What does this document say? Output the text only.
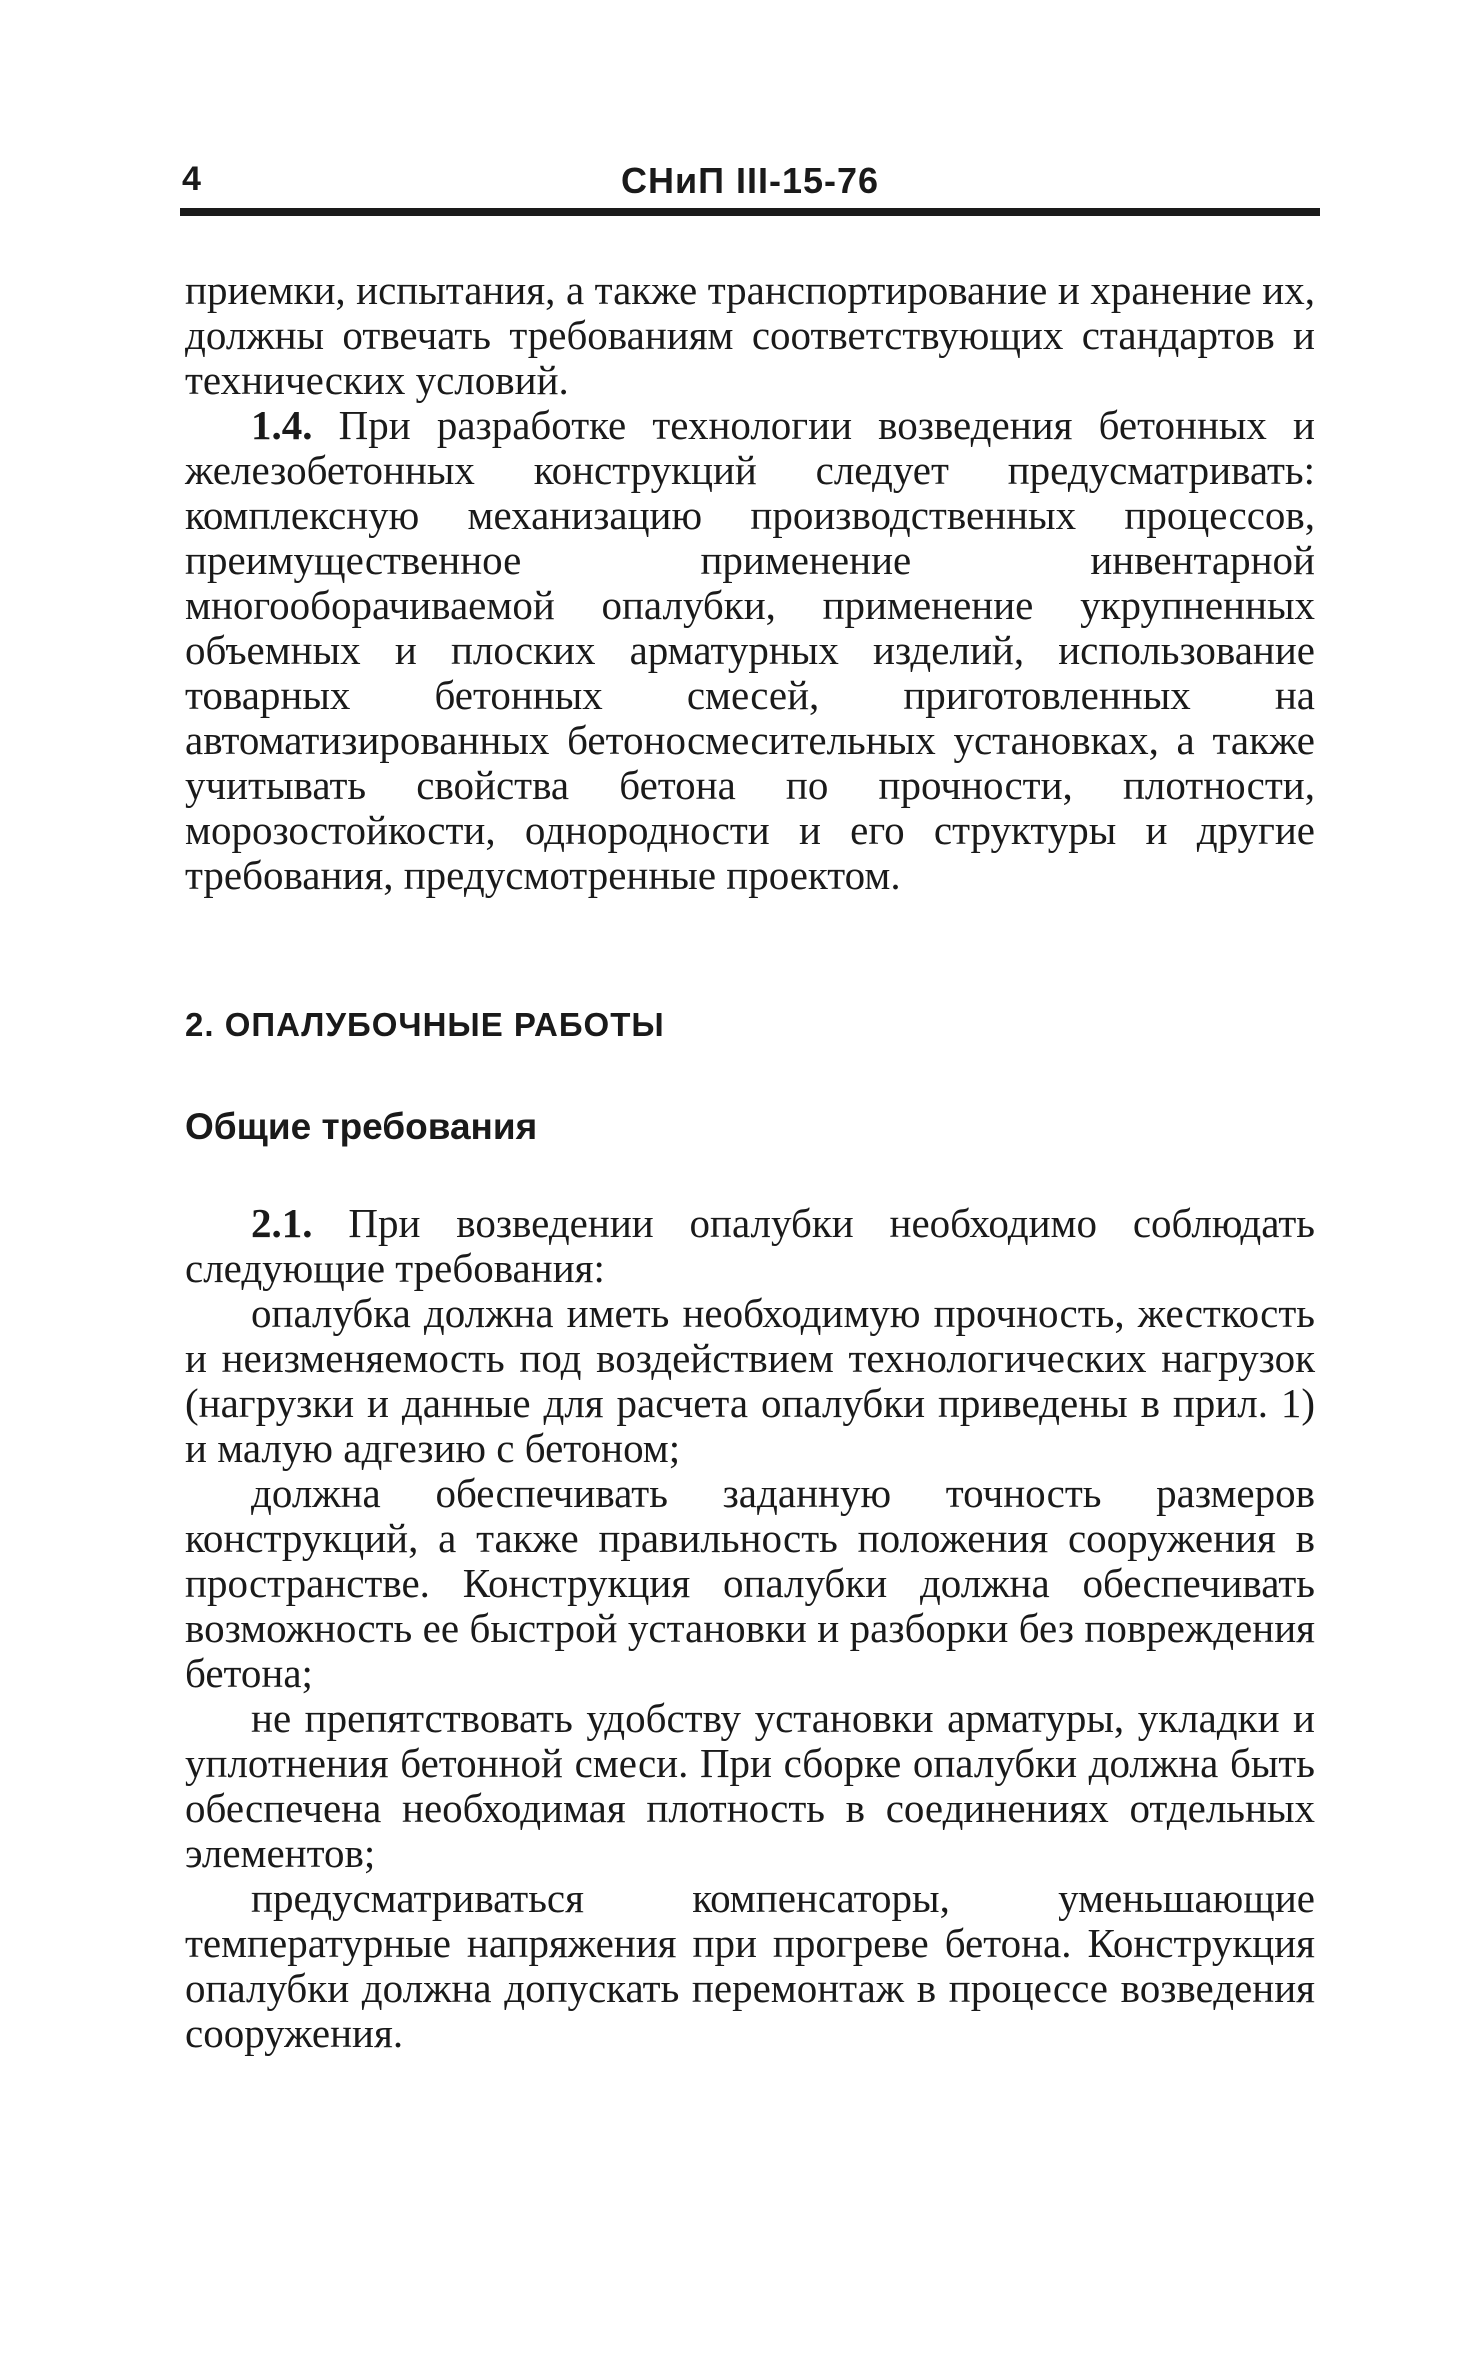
4	СНиП III-15-76

приемки, испытания, а также транспортирование и хранение их, должны отвечать требованиям соответствующих стандартов и технических условий.

1.4. При разработке технологии возведения бетонных и железобетонных конструкций следует предусматривать: комплексную механизацию производственных процессов, преимущественное применение инвентарной многооборачиваемой опалубки, применение укрупненных объемных и плоских арматурных изделий, использование товарных бетонных смесей, приготовленных на автоматизированных бетоносмесительных установках, а также учитывать свойства бетона по прочности, плотности, морозостойкости, однородности и его структуры и другие требования, предусмотренные проектом.

2. ОПАЛУБОЧНЫЕ РАБОТЫ
Общие требования

2.1. При возведении опалубки необходимо соблюдать следующие требования:

опалубка должна иметь необходимую прочность, жесткость и неизменяемость под воздействием технологических нагрузок (нагрузки и данные для расчета опалубки приведены в прил. 1) и малую адгезию с бетоном;

должна обеспечивать заданную точность размеров конструкций, а также правильность положения сооружения в пространстве. Конструкция опалубки должна обеспечивать возможность ее быстрой установки и разборки без повреждения бетона;

не препятствовать удобству установки арматуры, укладки и уплотнения бетонной смеси. При сборке опалубки должна быть обеспечена необходимая плотность в соединениях отдельных элементов;

предусматриваться компенсаторы, уменьшающие температурные напряжения при прогреве бетона. Конструкция опалубки должна допускать перемонтаж в процессе возведения сооружения.
